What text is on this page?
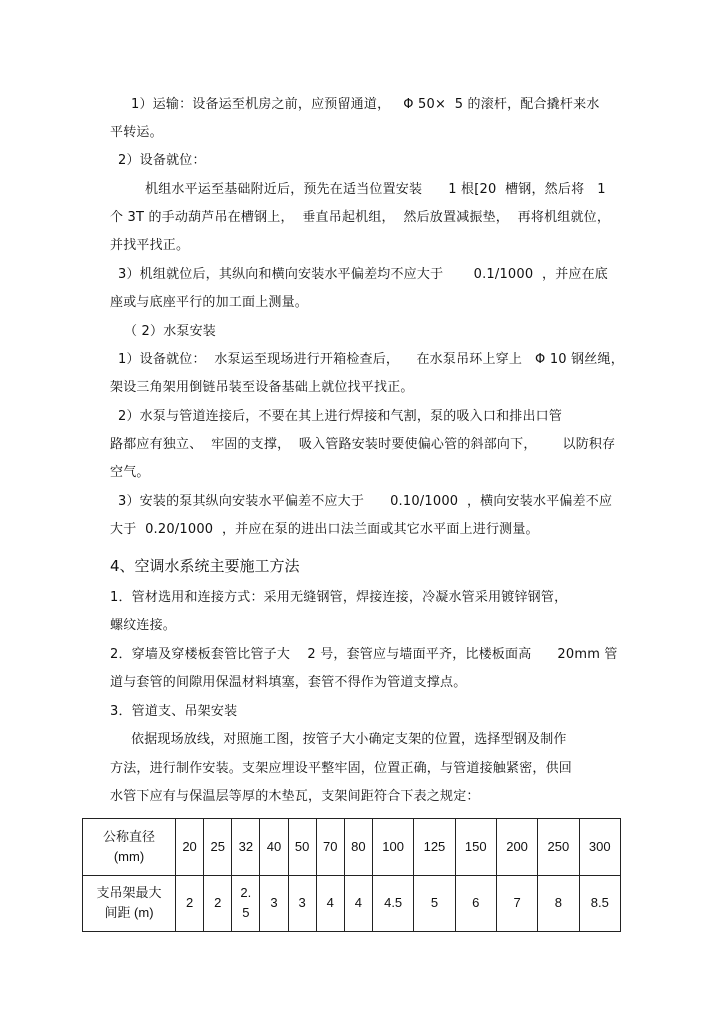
1）运输：设备运至机房之前，应预留通道，   Φ 50×  5 的滚杆，配合撬杆来水
平转运。
2）设备就位：
机组水平运至基础附近后，预先在适当位置安装      1 根[20  槽钢，然后将   1
个 3T 的手动葫芦吊在槽钢上，  垂直吊起机组，  然后放置减振垫，  再将机组就位，
并找平找正。
3）机组就位后，其纵向和横向安装水平偏差均不应大于       0.1/1000  ，并应在底
座或与底座平行的加工面上测量。
（ 2）水泵安装
1）设备就位：  水泵运至现场进行开箱检查后，    在水泵吊环上穿上   Φ 10 钢丝绳，
架设三角架用倒链吊装至设备基础上就位找平找正。
2）水泵与管道连接后，不要在其上进行焊接和气割，泵的吸入口和排出口管
路都应有独立、  牢固的支撑，  吸入管路安装时要使偏心管的斜部向下，      以防积存
空气。
3）安装的泵其纵向安装水平偏差不应大于      0.10/1000  ，横向安装水平偏差不应
大于  0.20/1000  ，并应在泵的进出口法兰面或其它水平面上进行测量。
4、空调水系统主要施工方法
1．管材选用和连接方式：采用无缝钢管，焊接连接，冷凝水管采用镀锌钢管，
螺纹连接。
2．穿墙及穿楼板套管比管子大    2 号，套管应与墙面平齐，比楼板面高      20mm 管
道与套管的间隙用保温材料填塞，套管不得作为管道支撑点。
3．管道支、吊架安装
依据现场放线，对照施工图，按管子大小确定支架的位置，选择型钢及制作
方法，进行制作安装。支架应埋设平整牢固，位置正确，与管道接触紧密，供回
水管下应有与保温层等厚的木垫瓦，支架间距符合下表之规定：
公称直径
(mm)	20	25	32	40	50	70	80	100	125	150	200	250	300
支吊架最大
间距 (m)	2	2	2.
5	3	3	4	4	4.5	5	6	7	8	8.5
